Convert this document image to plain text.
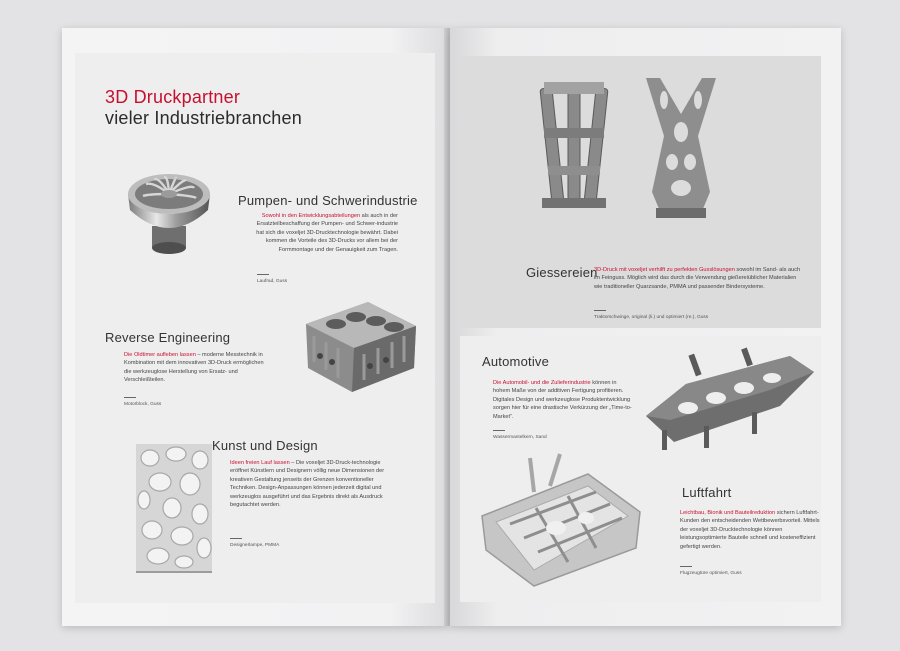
3D Druckpartner
vieler Industriebranchen
Pumpen- und Schwerindustrie
Sowohl in den Entwicklungsabteilungen als auch in der Ersatzteilbeschaffung der Pumpen- und Schwer-industrie hat sich die voxeljet 3D-Drucktechnologie bewährt. Dabei kommen die Vorteile des 3D-Drucks vor allem bei der Formmontage und der Genauigkeit zum Tragen.
Laufrad, Guss
Reverse Engineering
Die Oldtimer aufleben lassen – moderne Messtechnik in Kombination mit dem innovativen 3D-Druck ermöglichen die werkzeuglose Herstellung von Ersatz- und Verschleißteilen.
Motorblock, Guss
Kunst und Design
Ideen freien Lauf lassen – Die voxeljet 3D-Druck-technologie eröffnet Künstlern und Designern völlig neue Dimensionen der kreativen Gestaltung jenseits der Grenzen konventioneller Techniken. Design-Anpassungen können jederzeit digital und werkzeuglos ausgeführt und das Ergebnis direkt als Ausdruck begutachtet werden.
Designerlampe, PMMA
Giessereien
3D-Druck mit voxeljet verhilft zu perfekten Gusslösungen sowohl im Sand- als auch im Feinguss. Möglich wird das durch die Verwendung gießereiüblicher Materialien wie traditioneller Quarzsande, PMMA und passender Bindersysteme.
Traktorschwinge, original (li.) und optimiert (re.), Guss
Automotive
Die Automobil- und die Zulieferindustrie können in hohem Maße von der additiven Fertigung profitieren. Digitales Design und werkzeuglose Produktentwicklung sorgen hier für eine drastische Verkürzung der „Time-to-Market“.
Wassermantelkern, Sand
Luftfahrt
Leichtbau, Bionik und Bauteilreduktion sichern Luftfahrt-Kunden den entscheidenden Wettbewerbsvorteil. Mittels der voxeljet 3D-Drucktechnologie können leistungsoptimierte Bauteile schnell und kosteneffizient gefertigt werden.
Flugzeugtüre optimiert, Guss
